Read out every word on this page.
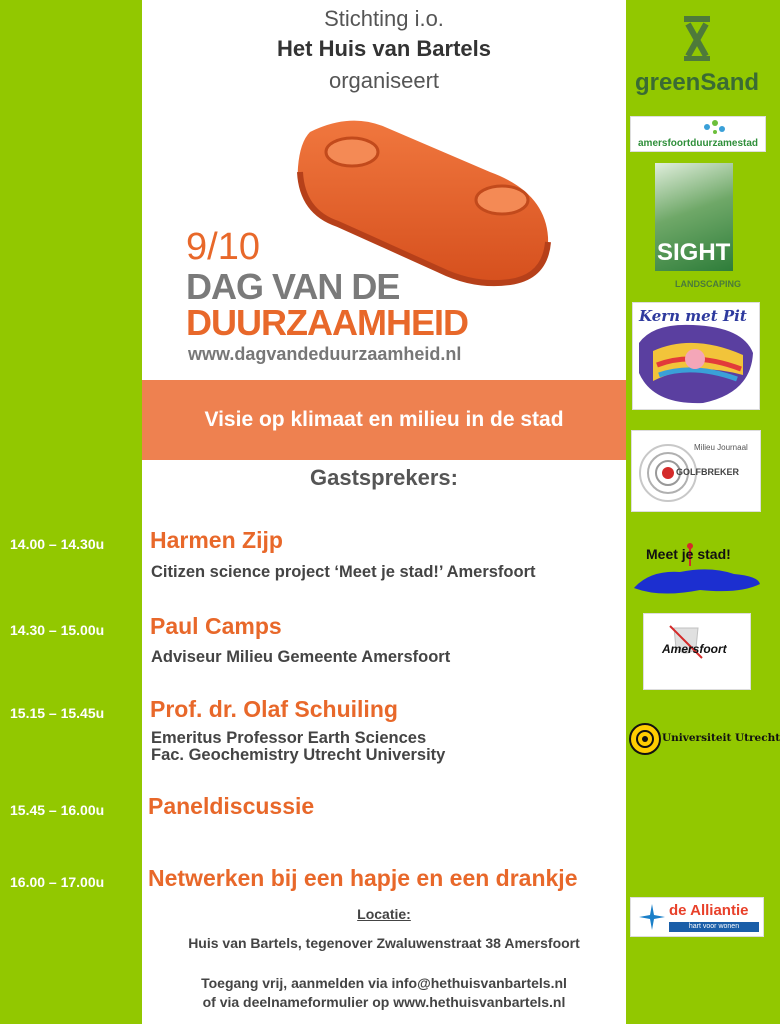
Stichting i.o.
Het Huis van Bartels
organiseert
9/10
DAG VAN DE
DUURZAAMHEID
www.dagvandeduurzaamheid.nl
Visie op klimaat en milieu in de stad
Gastsprekers:
14.00 – 14.30u Harmen Zijp
Citizen science project ‘Meet je stad!’ Amersfoort
14.30 – 15.00u Paul Camps
Adviseur Milieu Gemeente Amersfoort
15.15 – 15.45u Prof. dr. Olaf Schuiling
Emeritus Professor Earth Sciences
Fac. Geochemistry Utrecht University
15.45 – 16.00u Paneldiscussie
16.00 – 17.00u Netwerken bij een hapje en een drankje
Locatie:
Huis van Bartels, tegenover Zwaluwenstraat 38 Amersfoort
Toegang vrij, aanmelden via info@hethuisvanbartels.nl
of via deelnameformulier op www.hethuisvanbartels.nl
greenSand
amersfoortduurzamestad
SIGHT
LANDSCAPING
Kern met Pit
Milieu Journaal
GOLFBREKER
Meet je stad!
Amersfoort
Universiteit Utrecht
de Alliantie
hart voor wonen
